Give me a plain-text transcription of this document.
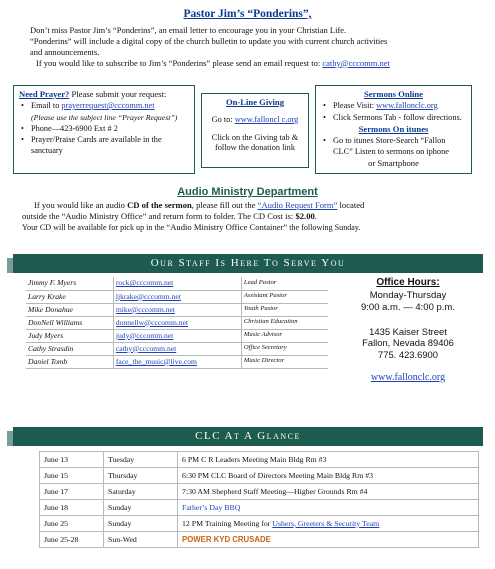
Pastor Jim’s “Ponderins”,

Don’t miss Pastor Jim’s “Ponderins”, an email letter to encourage you in your Christian Life.

“Ponderins” will include a digital copy of the church bulletin to update you with current church activities

and announcements.

If you would like to subscribe to Jim’s “Ponderins” please send an email request to: cathy@cccomm.net

Need Prayer? Please submit your request:
• Email to prayerrequest@cccomm.net
(Please use the subject line “Prayer Request”)
• Phone—423-6900 Ext # 2
• Prayer/Praise Cards are available in the sanctuary
On-Line Giving

Go to: www.falloncl c.org

Click on the Giving tab & follow the donation link

Sermons Online
• Please Visit: www.fallonclc.org
• Click Sermons Tab - follow directions.
Sermons On itunes
• Go to itunes Store-Search “Fallon CLC” Listen to sermons on iphone
or Smartphone
Audio Ministry Department

If you would like an audio CD of the sermon, please fill out the “Audio Request Form” located

outside the “Audio Ministry Office” and return form to folder. The CD Cost is: $2.00.

Your CD will be available for pick up in the “Audio Ministry Office Container” the following Sunday.

Our Staff Is Here To Serve You
Jimmy F. Myers	rock@cccomm.net	Lead Pastor
Larry Krake	ljkrake@cccomm.net	Assistant Pastor
Mike Donahue	mike@cccomm.net	Youth Pastor
DonNell Williams	donnellw@cccomm.net	Christian Education
Judy Myers	judy@cccomm.net	Music Advisor
Cathy Strasdin	cathy@cccomm.net	Office Secretary
Daniel Tomb	face_the_music@live.com	Music Director
Office Hours:
Monday-Thursday
9:00 a.m. — 4:00 p.m.
1435 Kaiser Street
Fallon, Nevada 89406
775. 423.6900
www.fallonclc.org
CLC At A Glance
June 13	Tuesday	6 PM C R Leaders Meeting Main Bldg Rm #3
June 15	Thursday	6:30 PM CLC Board of Directors Meeting Main Bldg Rm #3
June 17	Saturday	7:30 AM Shepherd Staff Meeting—Higher Grounds Rm #4
June 18	Sunday	Father’s Day BBQ
June 25	Sunday	12 PM Training Meeting for Ushers, Greeters & Security Team
June 25-28	Sun-Wed	POWER KYD CRUSADE
